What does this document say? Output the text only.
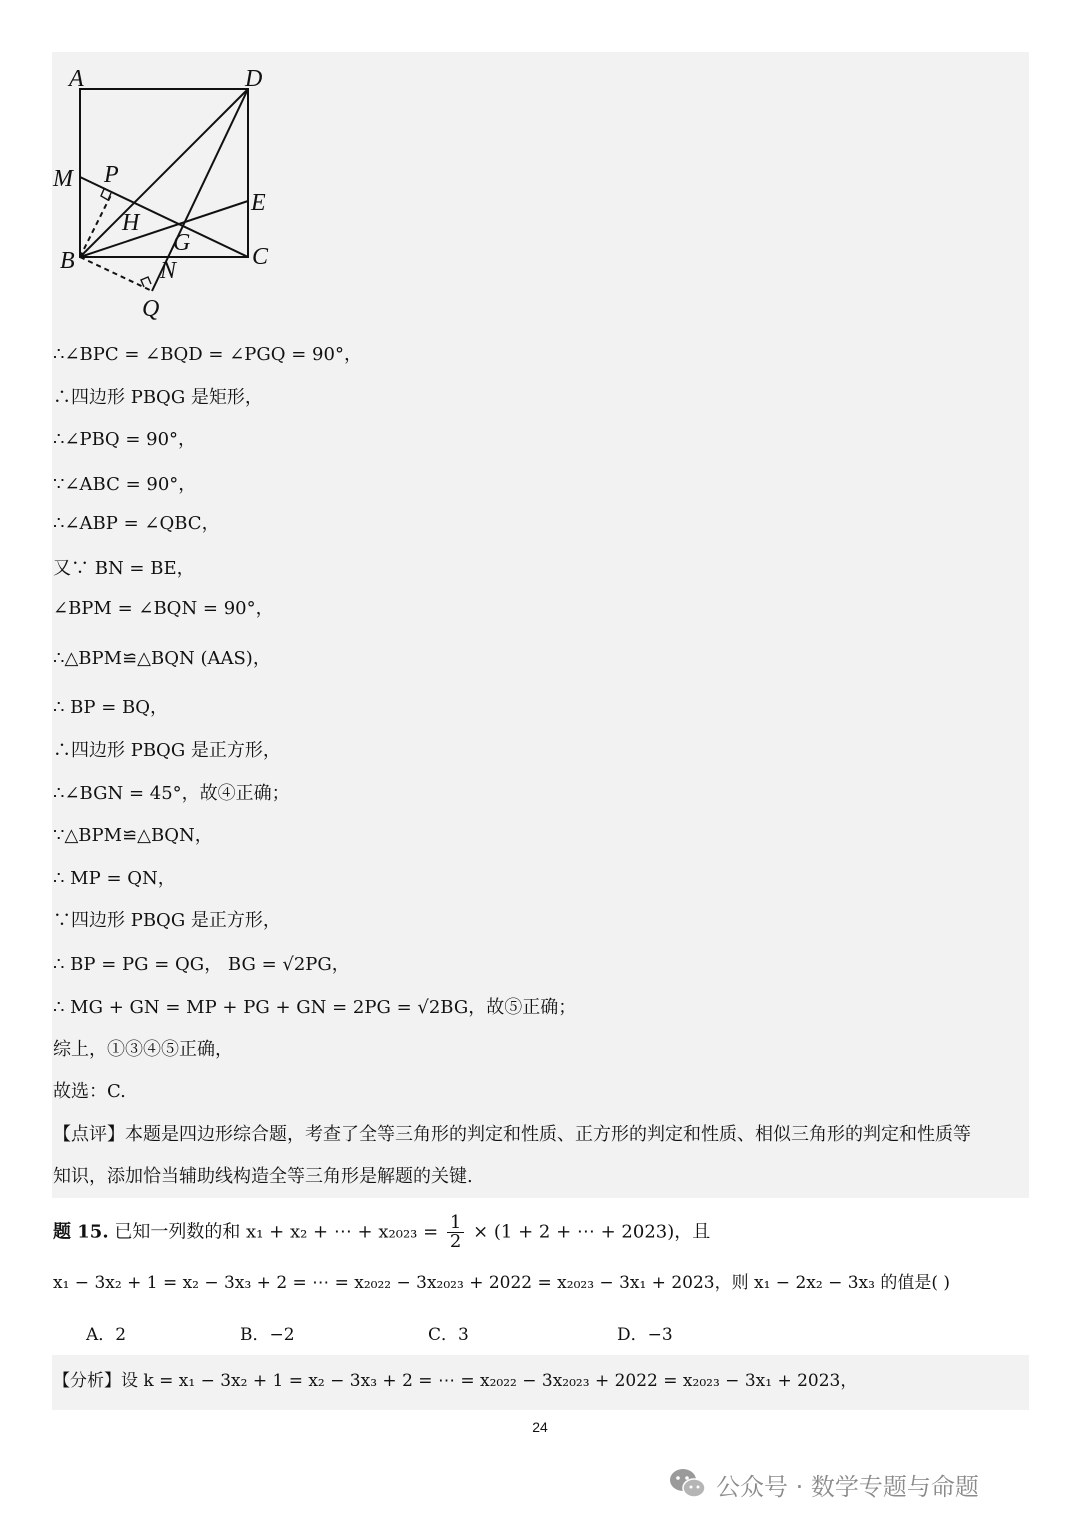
A	D
M P
E
H
G
B	C
N
Q
∴∠BPC = ∠BQD = ∠PGQ = 90°，
∴四边形 PBQG 是矩形，
∴∠PBQ = 90°，
∵∠ABC = 90°，
∴∠ABP = ∠QBC，
又∵ BN = BE，
∠BPM = ∠BQN = 90°，
∴△BPM≌△BQN (AAS)，
∴ BP = BQ，
∴四边形 PBQG 是正方形，
∴∠BGN = 45°，故④正确；
∵△BPM≌△BQN，
∴ MP = QN，
∵四边形 PBQG 是正方形，
∴ BP = PG = QG， BG = √2PG，
∴ MG + GN = MP + PG + GN = 2PG = √2BG，故⑤正确；
综上，①③④⑤正确，
故选：C.
【点评】本题是四边形综合题，考查了全等三角形的判定和性质、正方形的判定和性质、相似三角形的判定和性质等
知识，添加恰当辅助线构造全等三角形是解题的关键.
题 15. 已知一列数的和 x₁ + x₂ + ⋯ + $x_{2023} = \frac{1}{2} \times (1 + 2$ + ⋯ + 2023)，且
x₁ − 3x₂ + 1 = x₂ − 3x₃ + 2 = ⋯ = x₂₀₂₂ − 3x₂₀₂₃ + 2022 = x₂₀₂₃ − 3x₁ + 2023，则 x₁ − 2x₂ − 3x₃ 的值是( )
A．2	B．−2	C．3	D．−3
【分析】设 k = x₁ − 3x₂ + 1 = x₂ − 3x₃ + 2 = ⋯ = x₂₀₂₂ − 3x₂₀₂₃ + 2022 = x₂₀₂₃ − 3x₁ + 2023，
24
公众号 · 数学专题与命题
